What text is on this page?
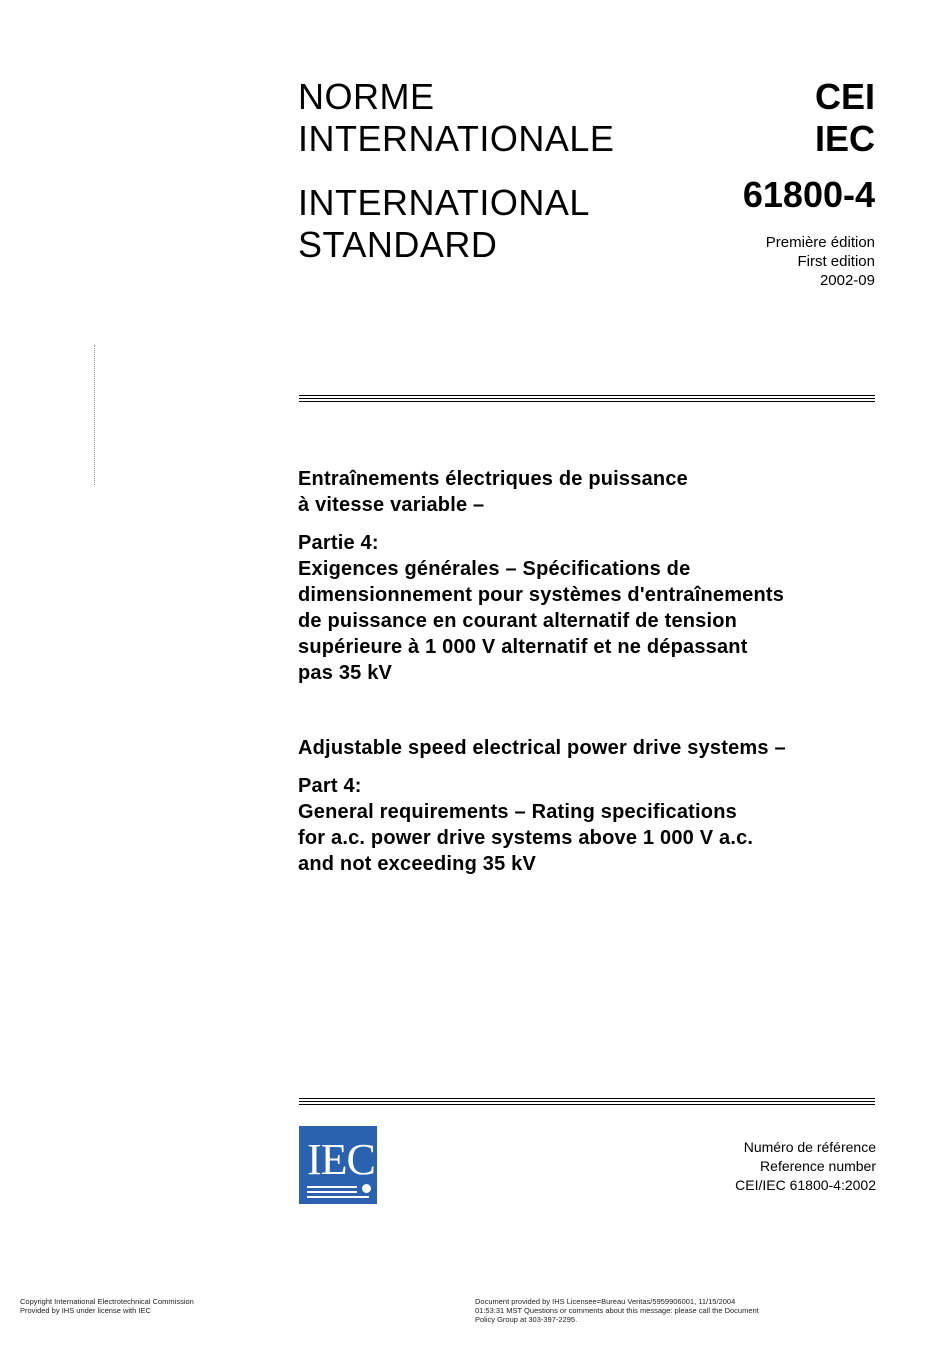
NORME
INTERNATIONALE
INTERNATIONAL
STANDARD
CEI
IEC
61800-4
Première édition
First edition
2002-09
Entraînements électriques de puissance
à vitesse variable –
Partie 4:
Exigences générales – Spécifications de
dimensionnement pour systèmes d'entraînements
de puissance en courant alternatif de tension
supérieure à 1 000 V alternatif et ne dépassant
pas 35 kV
Adjustable speed electrical power drive systems –
Part 4:
General requirements – Rating specifications
for a.c. power drive systems above 1 000 V a.c.
and not exceeding 35 kV
IEC	Numéro de référence
Reference number
CEI/IEC 61800-4:2002
Copyright International Electrotechnical Commission
Provided by IHS under license with IEC
Document provided by IHS Licensee=Bureau Veritas/5959906001, 11/15/2004
01:53:31 MST Questions or comments about this message: please call the Document
Policy Group at 303-397-2295.
